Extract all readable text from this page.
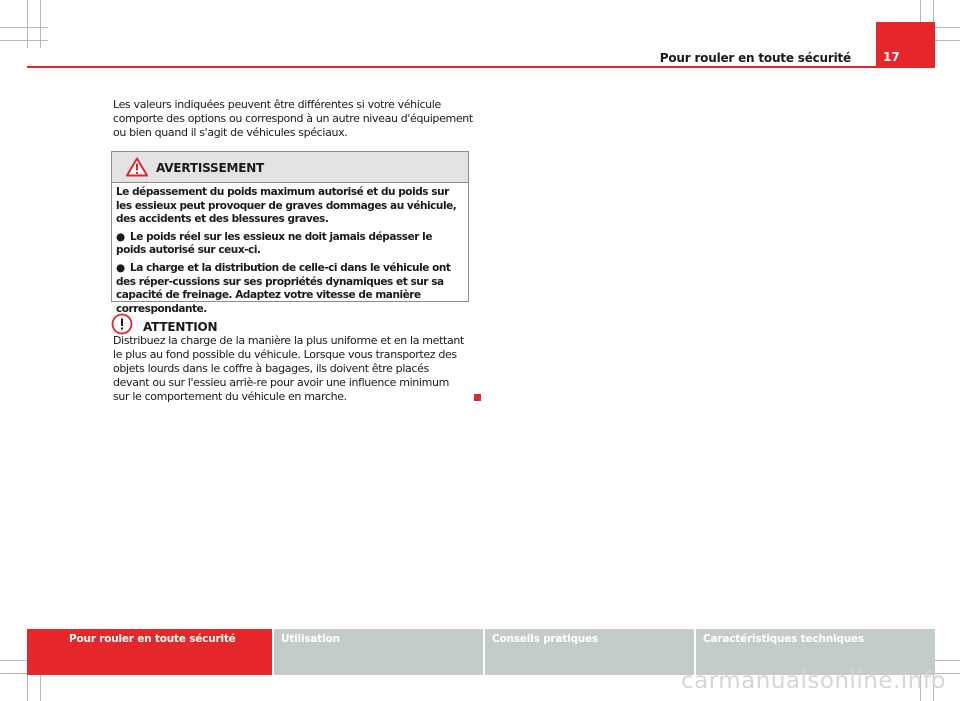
Pour rouler en toute sécurité	17

Les valeurs indiquées peuvent être différentes si votre véhicule comporte des options ou correspond à un autre niveau d'équipement ou bien quand il s'agit de véhicules spéciaux.

AVERTISSEMENT

Le dépassement du poids maximum autorisé et du poids sur les essieux peut provoquer de graves dommages au véhicule, des accidents et des blessures graves.

● Le poids réel sur les essieux ne doit jamais dépasser le poids autorisé sur ceux-ci.

● La charge et la distribution de celle-ci dans le véhicule ont des réper-cussions sur ses propriétés dynamiques et sur sa capacité de freinage. Adaptez votre vitesse de manière correspondante.

ATTENTION

Distribuez la charge de la manière la plus uniforme et en la mettant le plus au fond possible du véhicule. Lorsque vous transportez des objets lourds dans le coffre à bagages, ils doivent être placés devant ou sur l'essieu arriè-re pour avoir une influence minimum sur le comportement du véhicule en marche.

Pour rouler en toute sécurité	Utilisation	Conseils pratiques	Caractéristiques techniques
carmanualsonline.info
